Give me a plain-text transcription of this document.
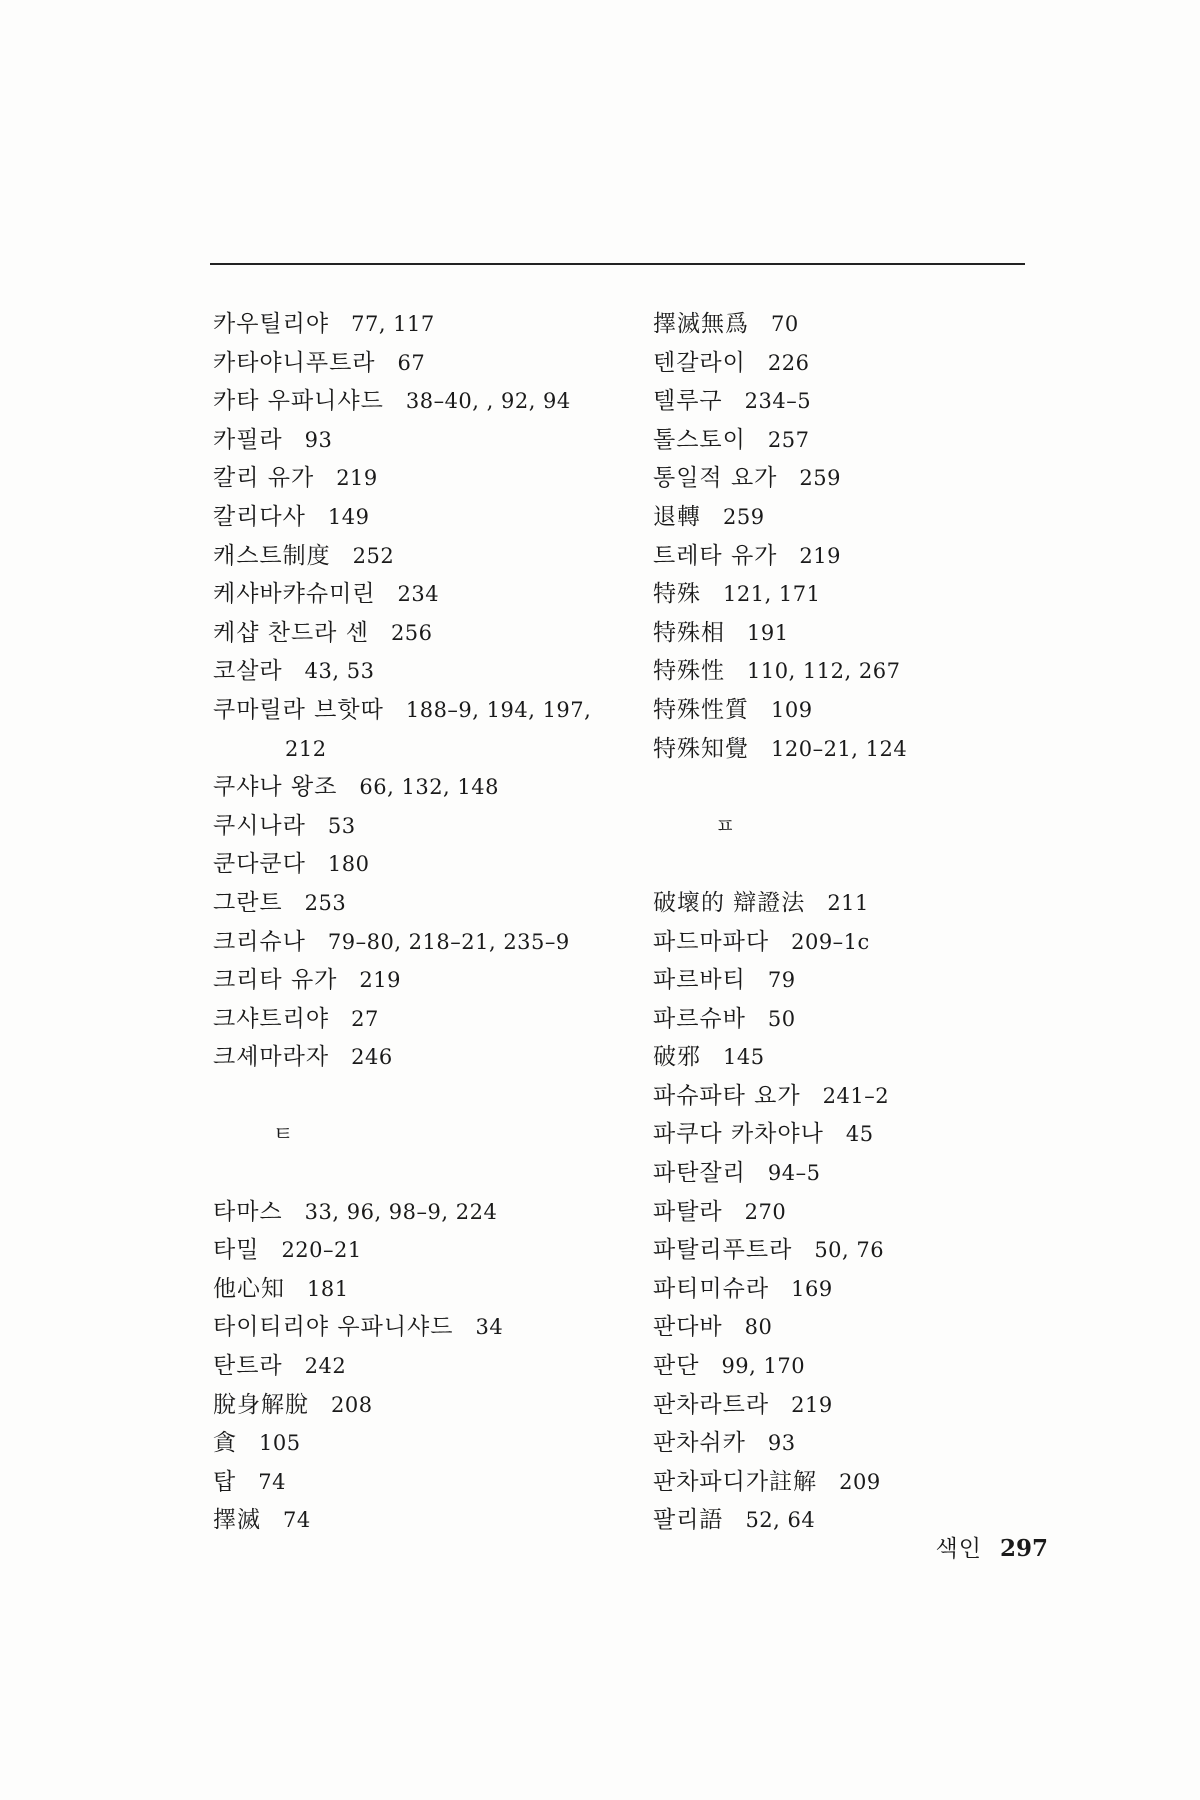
카우틸리야 77, 117
카타야니푸트라 67
카타 우파니샤드 38–40, , 92, 94
카필라 93
칼리 유가 219
칼리다사 149
캐스트制度 252
케샤바캬슈미린 234
케샵 찬드라 센 256
코살라 43, 53
쿠마릴라 브핫따 188–9, 194, 197,
212
쿠샤나 왕조 66, 132, 148
쿠시나라 53
쿤다쿤다 180
그란트 253
크리슈나 79–80, 218–21, 235–9
크리타 유가 219
크샤트리야 27
크셰마라자 246
ㅌ
타마스 33, 96, 98–9, 224
타밀 220–21
他心知 181
타이티리야 우파니샤드 34
탄트라 242
脫身解脫 208
貪 105
탑 74
擇滅 74
擇滅無爲 70
텐갈라이 226
텔루구 234–5
톨스토이 257
통일적 요가 259
退轉 259
트레타 유가 219
特殊 121, 171
特殊相 191
特殊性 110, 112, 267
特殊性質 109
特殊知覺 120–21, 124
ㅍ
破壞的 辯證法 211
파드마파다 209–1c
파르바티 79
파르슈바 50
破邪 145
파슈파타 요가 241–2
파쿠다 카차야나 45
파탄잘리 94–5
파탈라 270
파탈리푸트라 50, 76
파티미슈라 169
판다바 80
판단 99, 170
판차라트라 219
판차쉬카 93
판차파디가註解 209
팔리語 52, 64
색인 297
